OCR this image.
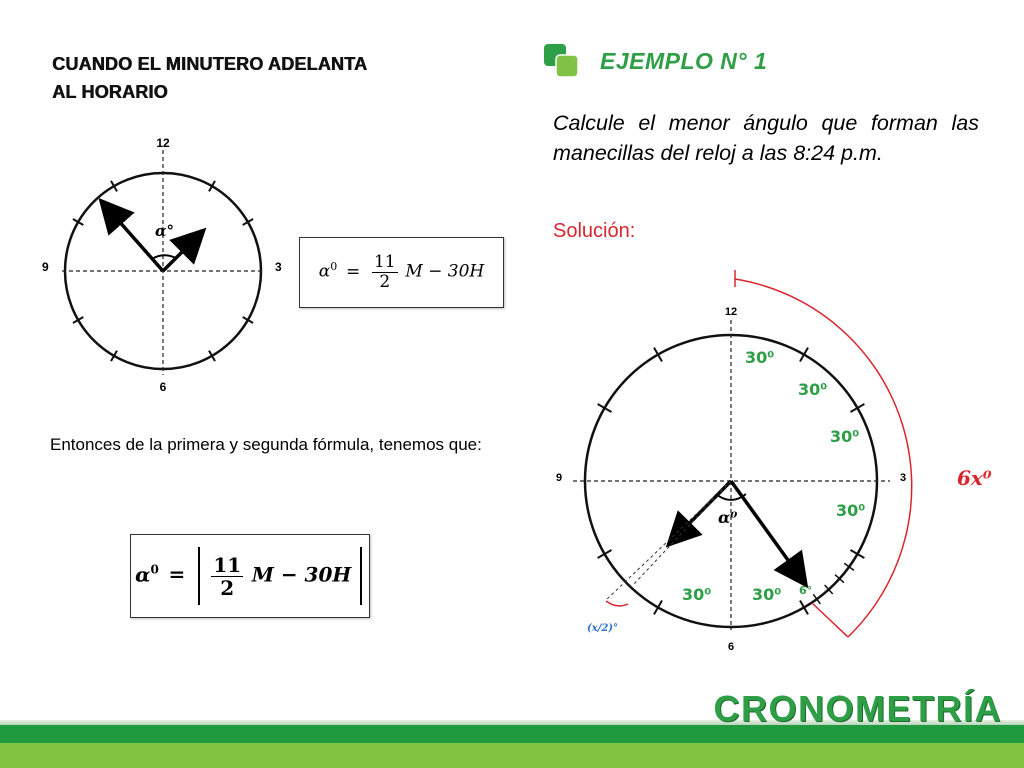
CUANDO EL MINUTERO ADELANTA
AL HORARIO
EJEMPLO N° 1
Calcule el menor ángulo que forman las manecillas del reloj a las 8:24 p.m.
Solución:
α°
12
9	3
6
30⁰
30⁰
30⁰
30⁰
30⁰
30⁰
α⁰
6°
6x⁰
(x/2)°
12
9	3
6
$\alpha^0 = \frac{11}{2}$ M − 30H
Entonces de la primera y segunda fórmula, tenemos que:
$\alpha^0 = \frac{11}{2}$ M − 30H
CRONOMETRÍA
